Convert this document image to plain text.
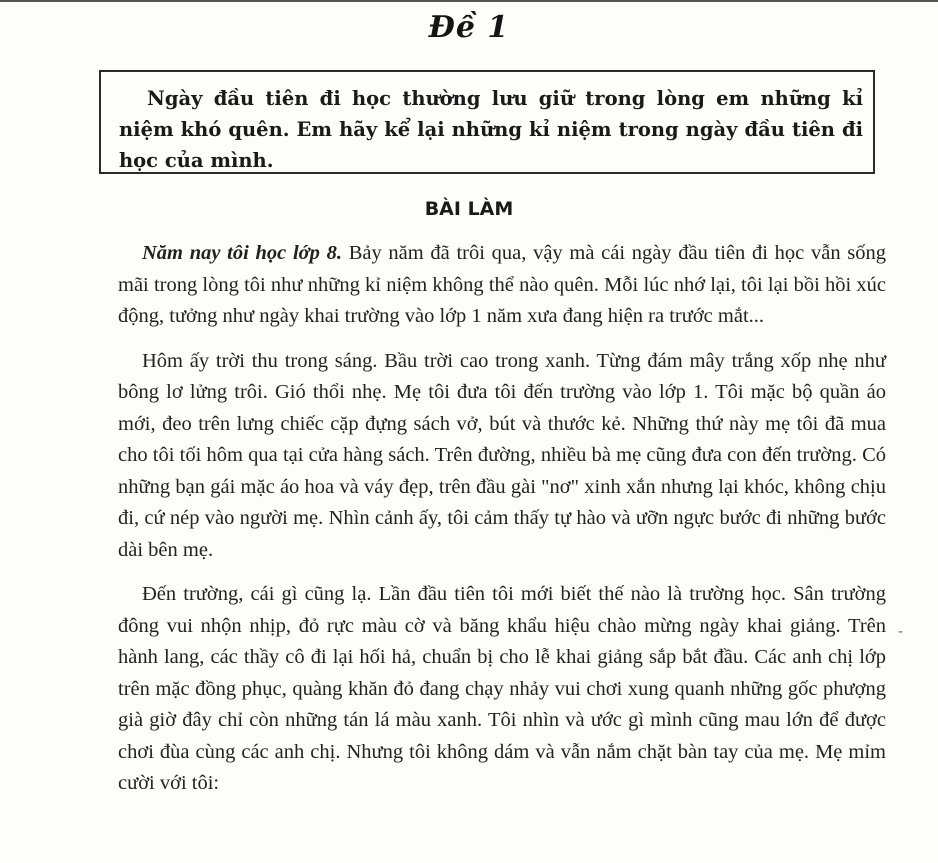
Đề 1

Ngày đầu tiên đi học thường lưu giữ trong lòng em những kỉ niệm khó quên. Em hãy kể lại những kỉ niệm trong ngày đầu tiên đi học của mình.

BÀI LÀM

Năm nay tôi học lớp 8. Bảy năm đã trôi qua, vậy mà cái ngày đầu tiên đi học vẫn sống mãi trong lòng tôi như những kỉ niệm không thể nào quên. Mỗi lúc nhớ lại, tôi lại bồi hồi xúc động, tưởng như ngày khai trường vào lớp 1 năm xưa đang hiện ra trước mắt...

Hôm ấy trời thu trong sáng. Bầu trời cao trong xanh. Từng đám mây trắng xốp nhẹ như bông lơ lửng trôi. Gió thổi nhẹ. Mẹ tôi đưa tôi đến trường vào lớp 1. Tôi mặc bộ quần áo mới, đeo trên lưng chiếc cặp đựng sách vở, bút và thước kẻ. Những thứ này mẹ tôi đã mua cho tôi tối hôm qua tại cửa hàng sách. Trên đường, nhiều bà mẹ cũng đưa con đến trường. Có những bạn gái mặc áo hoa và váy đẹp, trên đầu gài "nơ" xinh xắn nhưng lại khóc, không chịu đi, cứ nép vào người mẹ. Nhìn cảnh ấy, tôi cảm thấy tự hào và ưỡn ngực bước đi những bước dài bên mẹ.

Đến trường, cái gì cũng lạ. Lần đầu tiên tôi mới biết thế nào là trường học. Sân trường đông vui nhộn nhịp, đỏ rực màu cờ và băng khẩu hiệu chào mừng ngày khai giảng. Trên hành lang, các thầy cô đi lại hối hả, chuẩn bị cho lễ khai giảng sắp bắt đầu. Các anh chị lớp trên mặc đồng phục, quàng khăn đỏ đang chạy nhảy vui chơi xung quanh những gốc phượng già giờ đây chỉ còn những tán lá màu xanh. Tôi nhìn và ước gì mình cũng mau lớn để được chơi đùa cùng các anh chị. Nhưng tôi không dám và vẫn nắm chặt bàn tay của mẹ. Mẹ mỉm cười với tôi:

-
